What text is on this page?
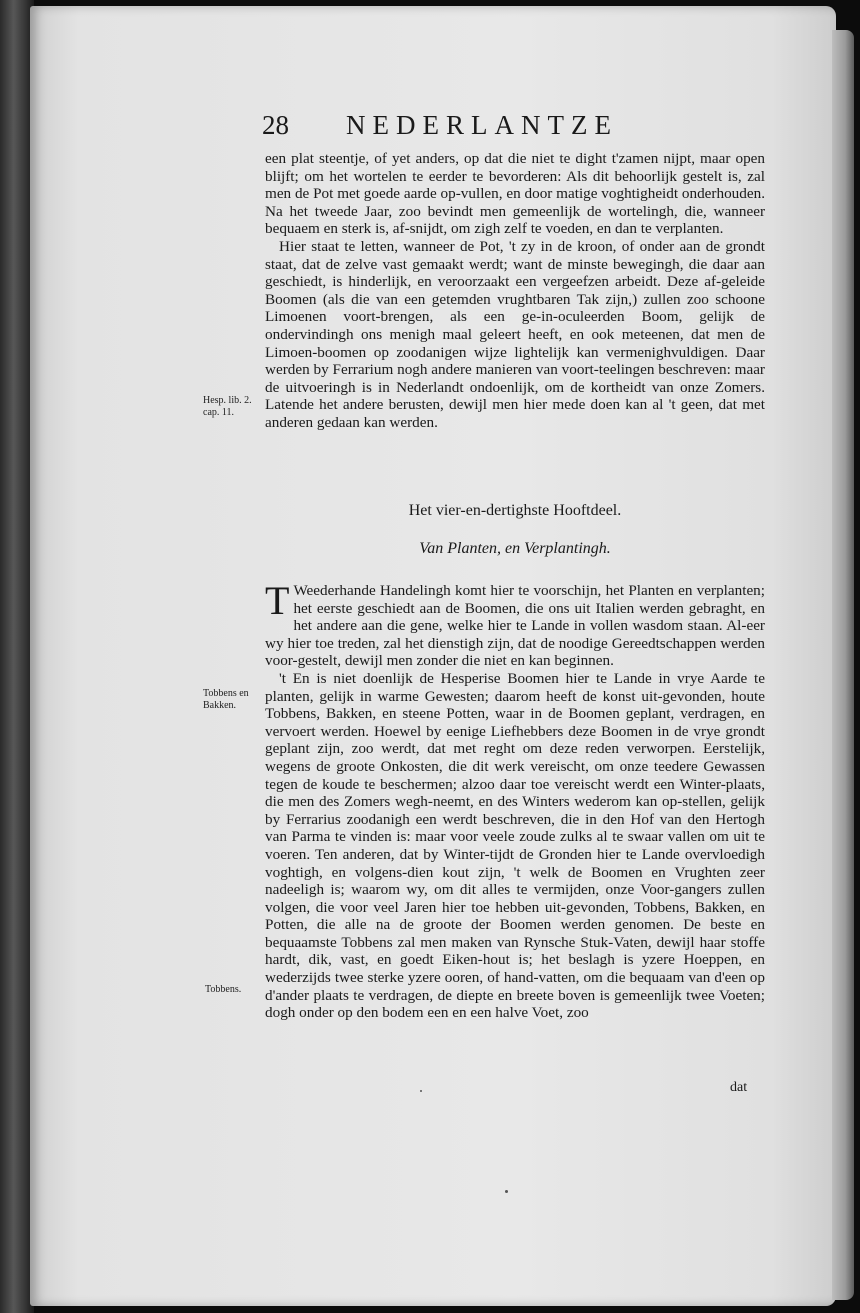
28 NEDERLANTZE

een plat steentje, of yet anders, op dat die niet te dight t'zamen nijpt, maar open blijft; om het wortelen te eerder te bevorderen: Als dit behoorlijk gestelt is, zal men de Pot met goede aarde op-vullen, en door matige voghtigheidt onderhouden. Na het tweede Jaar, zoo bevindt men gemeenlijk de wortelingh, die, wanneer bequaem en sterk is, af-snijdt, om zigh zelf te voeden, en dan te verplanten.

Hier staat te letten, wanneer de Pot, 't zy in de kroon, of onder aan de grondt staat, dat de zelve vast gemaakt werdt; want de minste bewegingh, die daar aan geschiedt, is hinderlijk, en veroorzaakt een vergeefzen arbeidt. Deze af-geleide Boomen (als die van een getemden vrughtbaren Tak zijn,) zullen zoo schoone Limoenen voort-brengen, als een ge-in-oculeerden Boom, gelijk de ondervindingh ons menigh maal geleert heeft, en ook meteenen, dat men de Limoen-boomen op zoodanigen wijze lightelijk kan vermenighvuldigen. Daar werden by Ferrarium nogh andere manieren van voort-teelingen beschreven: maar de uitvoeringh is in Nederlandt ondoenlijk, om de kortheidt van onze Zomers. Latende het andere berusten, dewijl men hier mede doen kan al 't geen, dat met anderen gedaan kan werden.

Hesp. lib. 2. cap. 11.
Het vier-en-dertighste Hooftdeel.
Van Planten, en Verplantingh.

T Weederhande Handelingh komt hier te voorschijn, het Planten en verplanten; het eerste geschiedt aan de Boomen, die ons uit Italien werden gebraght, en het andere aan die gene, welke hier te Lande in vollen wasdom staan. Al-eer wy hier toe treden, zal het dienstigh zijn, dat de noodige Gereedtschappen werden voor-gestelt, dewijl men zonder die niet en kan beginnen.

't En is niet doenlijk de Hesperise Boomen hier te Lande in vrye Aarde te planten, gelijk in warme Gewesten; daarom heeft de konst uit-gevonden, houte Tobbens, Bakken, en steene Potten, waar in de Boomen geplant, verdragen, en vervoert werden. Hoewel by eenige Liefhebbers deze Boomen in de vrye grondt geplant zijn, zoo werdt, dat met reght om deze reden verworpen. Eerstelijk, wegens de groote Onkosten, die dit werk vereischt, om onze teedere Gewassen tegen de koude te beschermen; alzoo daar toe vereischt werdt een Winter-plaats, die men des Zomers wegh-neemt, en des Winters wederom kan op-stellen, gelijk by Ferrarius zoodanigh een werdt beschreven, die in den Hof van den Hertogh van Parma te vinden is: maar voor veele zoude zulks al te swaar vallen om uit te voeren. Ten anderen, dat by Winter-tijdt de Gronden hier te Lande overvloedigh voghtigh, en volgens-dien kout zijn, 't welk de Boomen en Vrughten zeer nadeeligh is; waarom wy, om dit alles te vermijden, onze Voor-gangers zullen volgen, die voor veel Jaren hier toe hebben uit-gevonden, Tobbens, Bakken, en Potten, die alle na de groote der Boomen werden genomen. De beste en bequaamste Tobbens zal men maken van Rynsche Stuk-Vaten, dewijl haar stoffe hardt, dik, vast, en goedt Eiken-hout is; het beslagh is yzere Hoeppen, en wederzijds twee sterke yzere ooren, of hand-vatten, om die bequaam van d'een op d'ander plaats te verdragen, de diepte en breete boven is gemeenlijk twee Voeten; dogh onder op den bodem een en een halve Voet, zoo

Tobbens en Bakken.
Tobbens.
dat
